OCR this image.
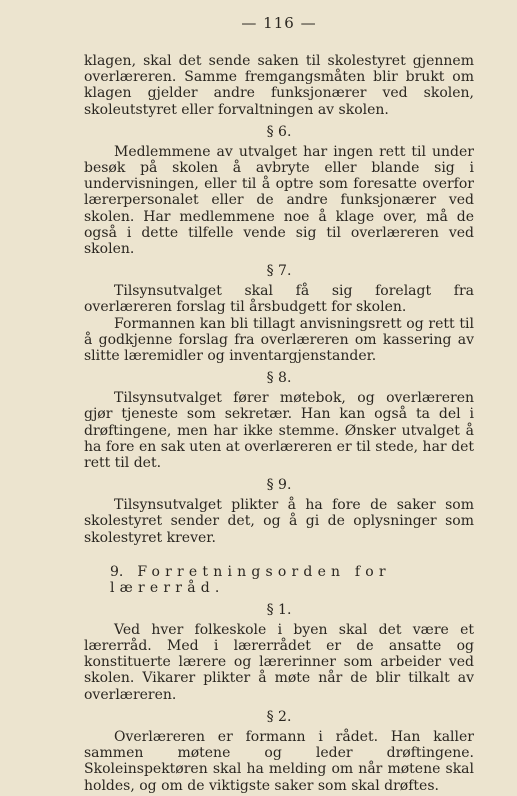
— 116 —

klagen, skal det sende saken til skolestyret gjennem overlæreren. Samme fremgangsmåten blir brukt om klagen gjelder andre funksjonærer ved skolen, skoleutstyret eller forvaltningen av skolen.

§ 6.

Medlemmene av utvalget har ingen rett til under besøk på skolen å avbryte eller blande sig i undervisningen, eller til å optre som foresatte overfor lærerpersonalet eller de andre funksjonærer ved skolen. Har medlemmene noe å klage over, må de også i dette tilfelle vende sig til overlæreren ved skolen.

§ 7.

Tilsynsutvalget skal få sig forelagt fra overlæreren forslag til årsbudgett for skolen.

Formannen kan bli tillagt anvisningsrett og rett til å godkjenne forslag fra overlæreren om kassering av slitte læremidler og inventargjenstander.

§ 8.

Tilsynsutvalget fører møtebok, og overlæreren gjør tjeneste som sekretær. Han kan også ta del i drøftingene, men har ikke stemme. Ønsker utvalget å ha fore en sak uten at overlæreren er til stede, har det rett til det.

§ 9.

Tilsynsutvalget plikter å ha fore de saker som skolestyret sender det, og å gi de oplysninger som skolestyret krever.

9. Forretningsorden for lærerråd.
§ 1.

Ved hver folkeskole i byen skal det være et lærerråd. Med i lærerrådet er de ansatte og konstituerte lærere og lærerinner som arbeider ved skolen. Vikarer plikter å møte når de blir tilkalt av overlæreren.

§ 2.

Overlæreren er formann i rådet. Han kaller sammen møtene og leder drøftingene. Skoleinspektøren skal ha melding om når møtene skal holdes, og om de viktigste saker som skal drøftes.
